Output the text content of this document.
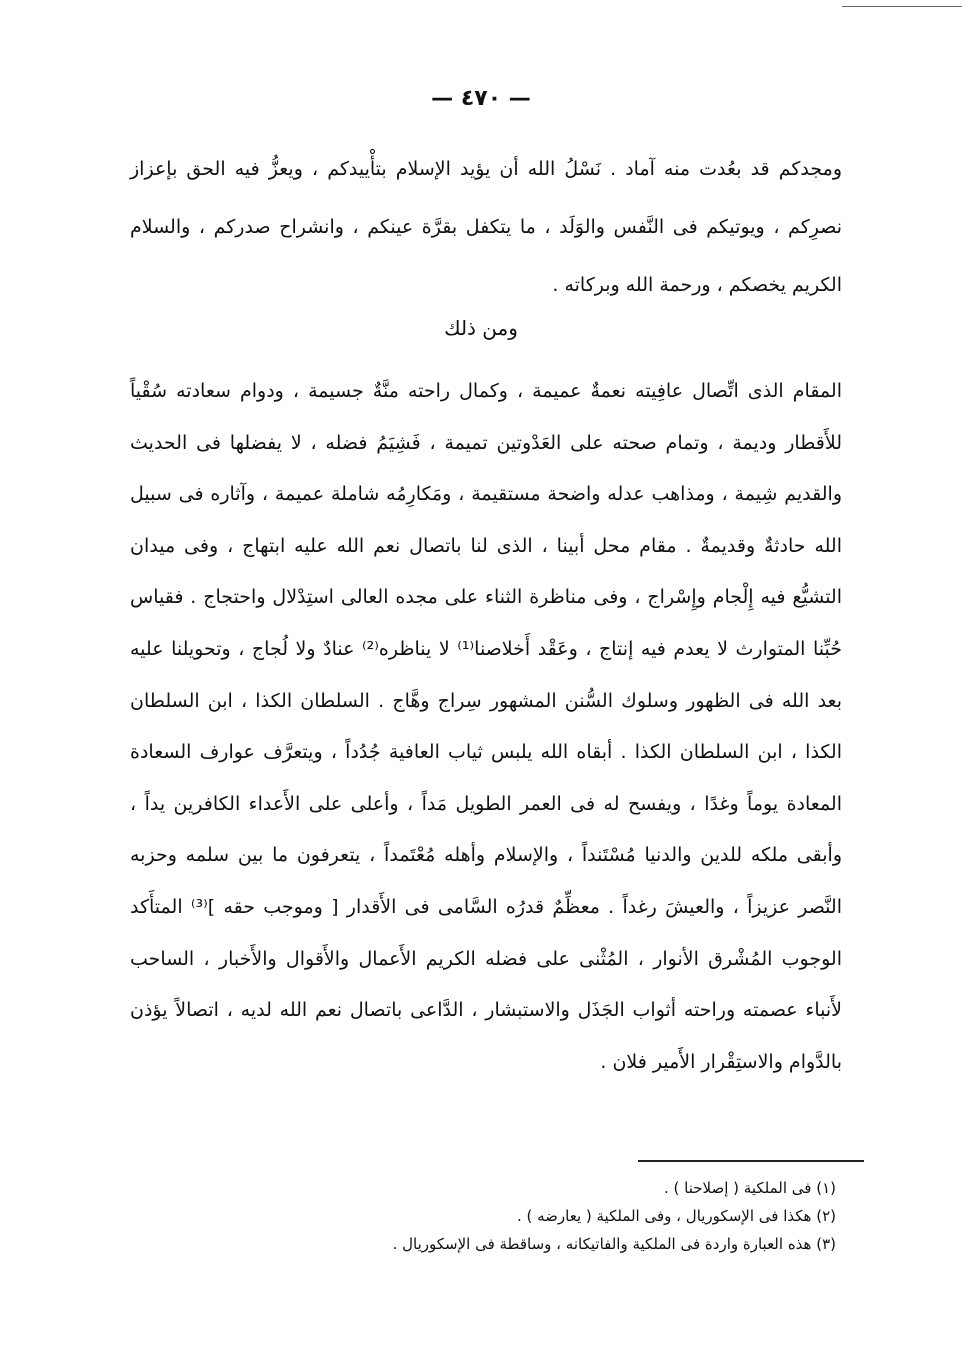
— ٤٧٠ —
ومجدكم قد بعُدت منه آماد . نَسْلُ الله أن يؤيد الإسلام بتأْييدكم ، ويعزُّ فيه الحق بإعزاز نصرِكم ، ويوتيكم فى النَّفس والوَلَد ، ما يتكفل بقرَّة عينكم ، وانشراح صدركم ، والسلام الكريم يخصكم ، ورحمة الله وبركاته .
ومن ذلك
المقام الذى اتِّصال عافِيته نعمةٌ عميمة ، وكمال راحته منَّةٌ جسيمة ، ودوام سعادته سُقْياً للأَقطار وديمة ، وتمام صحته على العَدْوتين تميمة ، فَشِيَمُ فضله ، لا يفضلها فى الحديث والقديم شِيمة ، ومذاهب عدله واضحة مستقيمة ، ومَكارِمُه شاملة عميمة ، وآثاره فى سبيل الله حادثةٌ وقديمةٌ . مقام محل أبينا ، الذى لنا باتصال نعم الله عليه ابتهاج ، وفى ميدان التشيُّع فيه إِلْجام وإِسْراج ، وفى مناظرة الثناء على مجده العالى استِدْلال واحتجاج . فقياس حُبِّنا المتوارث لا يعدم فيه إنتاج ، وعَقْد أَخلاصنا⁽¹⁾ لا يناظره⁽²⁾ عنادٌ ولا لُجاج ، وتحويلنا عليه بعد الله فى الظهور وسلوك السُّنن المشهور سِراج وهَّاج . السلطان الكذا ، ابن السلطان الكذا ، ابن السلطان الكذا . أبقاه الله يلبس ثياب العافية جُدُداً ، ويتعرَّف عوارف السعادة المعادة يوماً وغدًا ، ويفسح له فى العمر الطويل مَداً ، وأعلى على الأَعداء الكافرين يداً ، وأبقى ملكه للدين والدنيا مُسْتَنداً ، والإسلام وأهله مُعْتَمداً ، يتعرفون ما بين سلمه وحزبه النَّصر عزيزاً ، والعيشَ رغداً . معظِّمٌ قدرُه السَّامى فى الأَقدار [ وموجب حقه ]⁽³⁾ المتأَكد الوجوب المُشْرق الأنوار ، المُثْنى على فضله الكريم الأَعمال والأَقوال والأَخبار ، الساحب لأَنباء عصمته وراحته أثواب الجَذَل والاستبشار ، الدَّاعى باتصال نعم الله لديه ، اتصالاً يؤذن بالدَّوام والاستِقْرار الأَمير فلان .
(١) فى الملكية ( إصلاحنا ) .
(٢) هكذا فى الإسكوريال ، وفى الملكية ( يعارضه ) .
(٣) هذه العبارة واردة فى الملكية والفاتيكانه ، وساقطة فى الإسكوريال .
